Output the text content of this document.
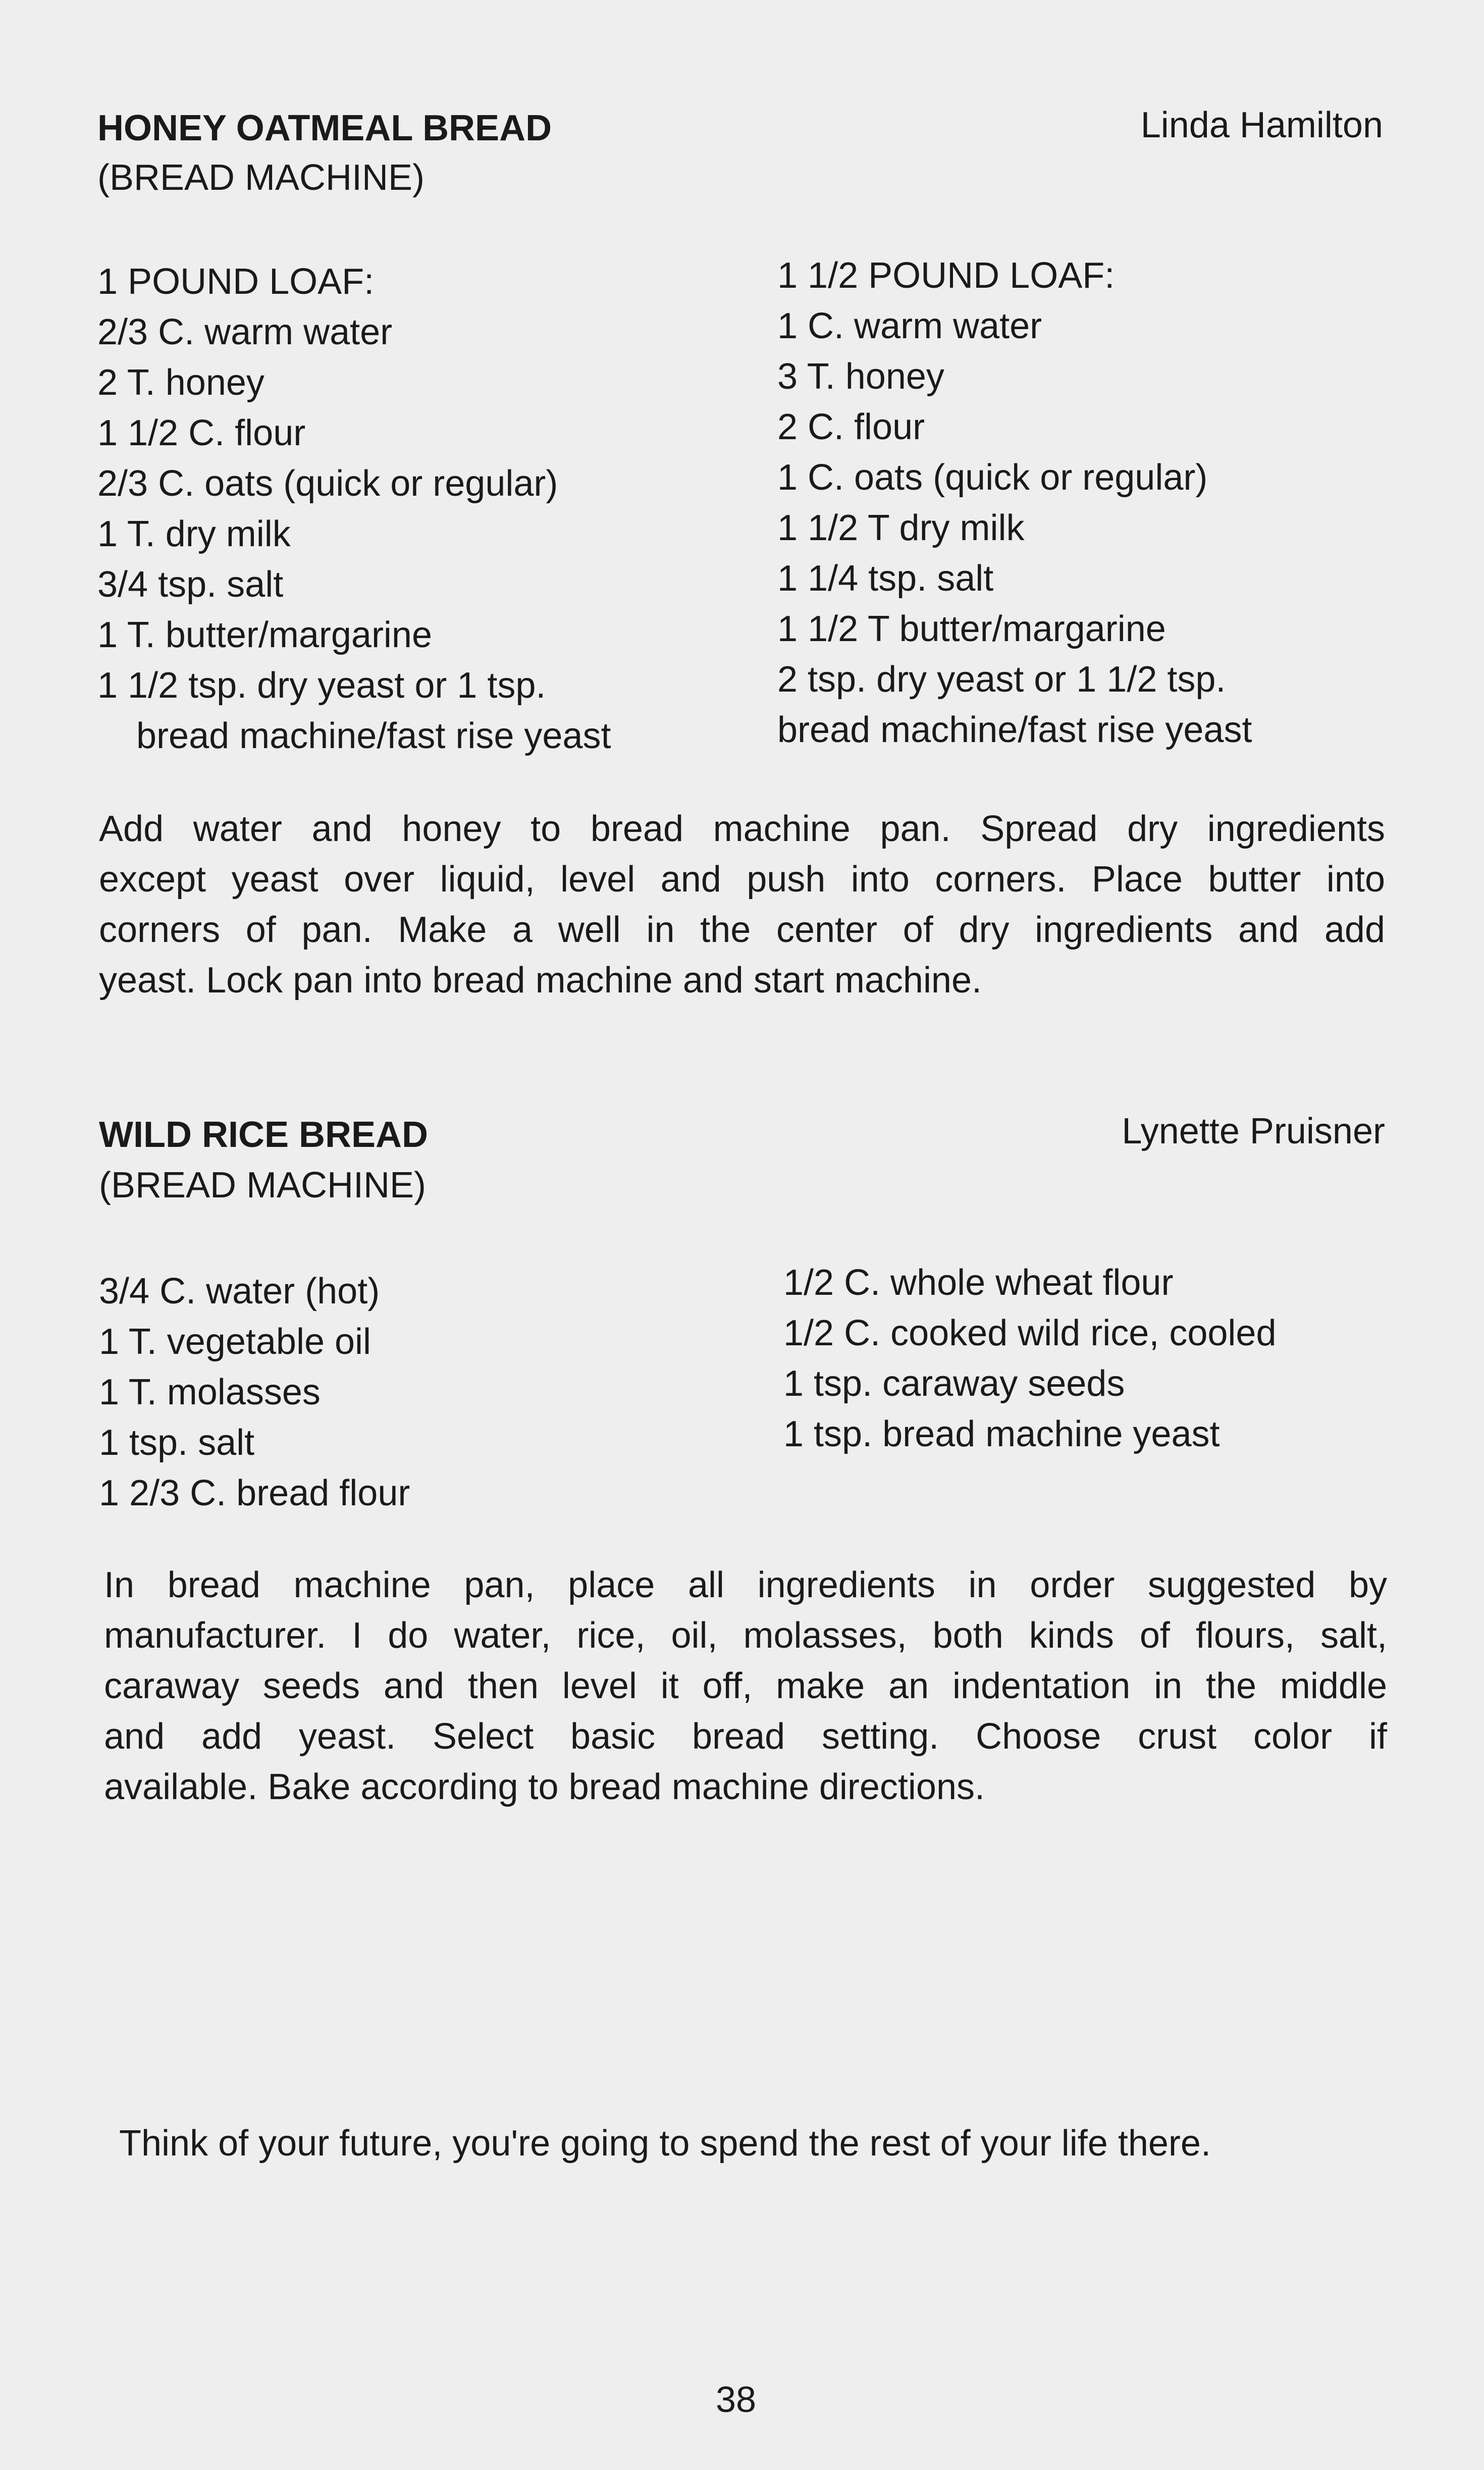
HONEY OATMEAL BREAD	Linda Hamilton
(BREAD MACHINE)
1 POUND LOAF:	1 1/2 POUND LOAF:
2/3 C. warm water
2 T. honey
1 1/2 C. flour
2/3 C. oats (quick or regular)
1 T. dry milk
3/4 tsp. salt
1 T. butter/margarine
1 1/2 tsp. dry yeast or 1 tsp.
bread machine/fast rise yeast
1 C. warm water
3 T. honey
2 C. flour
1 C. oats (quick or regular)
1 1/2 T dry milk
1 1/4 tsp. salt
1 1/2 T butter/margarine
2 tsp. dry yeast or 1 1/2 tsp.
bread machine/fast rise yeast
Add water and honey to bread machine pan. Spread dry ingredients
except yeast over liquid, level and push into corners. Place butter into
corners of pan. Make a well in the center of dry ingredients and add
yeast. Lock pan into bread machine and start machine.
WILD RICE BREAD	Lynette Pruisner
(BREAD MACHINE)
3/4 C. water (hot)
1 T. vegetable oil
1 T. molasses
1 tsp. salt
1 2/3 C. bread flour
1/2 C. whole wheat flour
1/2 C. cooked wild rice, cooled
1 tsp. caraway seeds
1 tsp. bread machine yeast
In bread machine pan, place all ingredients in order suggested by
manufacturer. I do water, rice, oil, molasses, both kinds of flours, salt,
caraway seeds and then level it off, make an indentation in the middle
and add yeast. Select basic bread setting. Choose crust color if
available. Bake according to bread machine directions.
Think of your future, you're going to spend the rest of your life there.
38
